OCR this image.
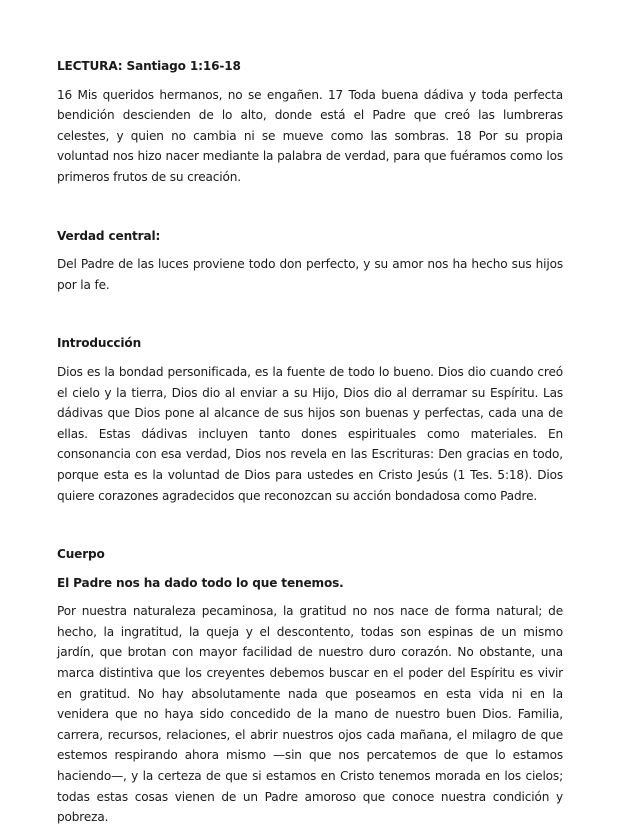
LECTURA: Santiago 1:16-18

16 Mis queridos hermanos, no se engañen. 17 Toda buena dádiva y toda perfecta bendición descienden de lo alto, donde está el Padre que creó las lumbreras celestes, y quien no cambia ni se mueve como las sombras. 18 Por su propia voluntad nos hizo nacer mediante la palabra de verdad, para que fuéramos como los primeros frutos de su creación.

Verdad central:

Del Padre de las luces proviene todo don perfecto, y su amor nos ha hecho sus hijos por la fe.

Introducción

Dios es la bondad personificada, es la fuente de todo lo bueno. Dios dio cuando creó el cielo y la tierra, Dios dio al enviar a su Hijo, Dios dio al derramar su Espíritu. Las dádivas que Dios pone al alcance de sus hijos son buenas y perfectas, cada una de ellas. Estas dádivas incluyen tanto dones espirituales como materiales. En consonancia con esa verdad, Dios nos revela en las Escrituras: Den gracias en todo, porque esta es la voluntad de Dios para ustedes en Cristo Jesús (1 Tes. 5:18). Dios quiere corazones agradecidos que reconozcan su acción bondadosa como Padre.

Cuerpo

El Padre nos ha dado todo lo que tenemos.

Por nuestra naturaleza pecaminosa, la gratitud no nos nace de forma natural; de hecho, la ingratitud, la queja y el descontento, todas son espinas de un mismo jardín, que brotan con mayor facilidad de nuestro duro corazón. No obstante, una marca distintiva que los creyentes debemos buscar en el poder del Espíritu es vivir en gratitud. No hay absolutamente nada que poseamos en esta vida ni en la venidera que no haya sido concedido de la mano de nuestro buen Dios. Familia, carrera, recursos, relaciones, el abrir nuestros ojos cada mañana, el milagro de que estemos respirando ahora mismo —sin que nos percatemos de que lo estamos haciendo—, y la certeza de que si estamos en Cristo tenemos morada en los cielos; todas estas cosas vienen de un Padre amoroso que conoce nuestra condición y pobreza.
